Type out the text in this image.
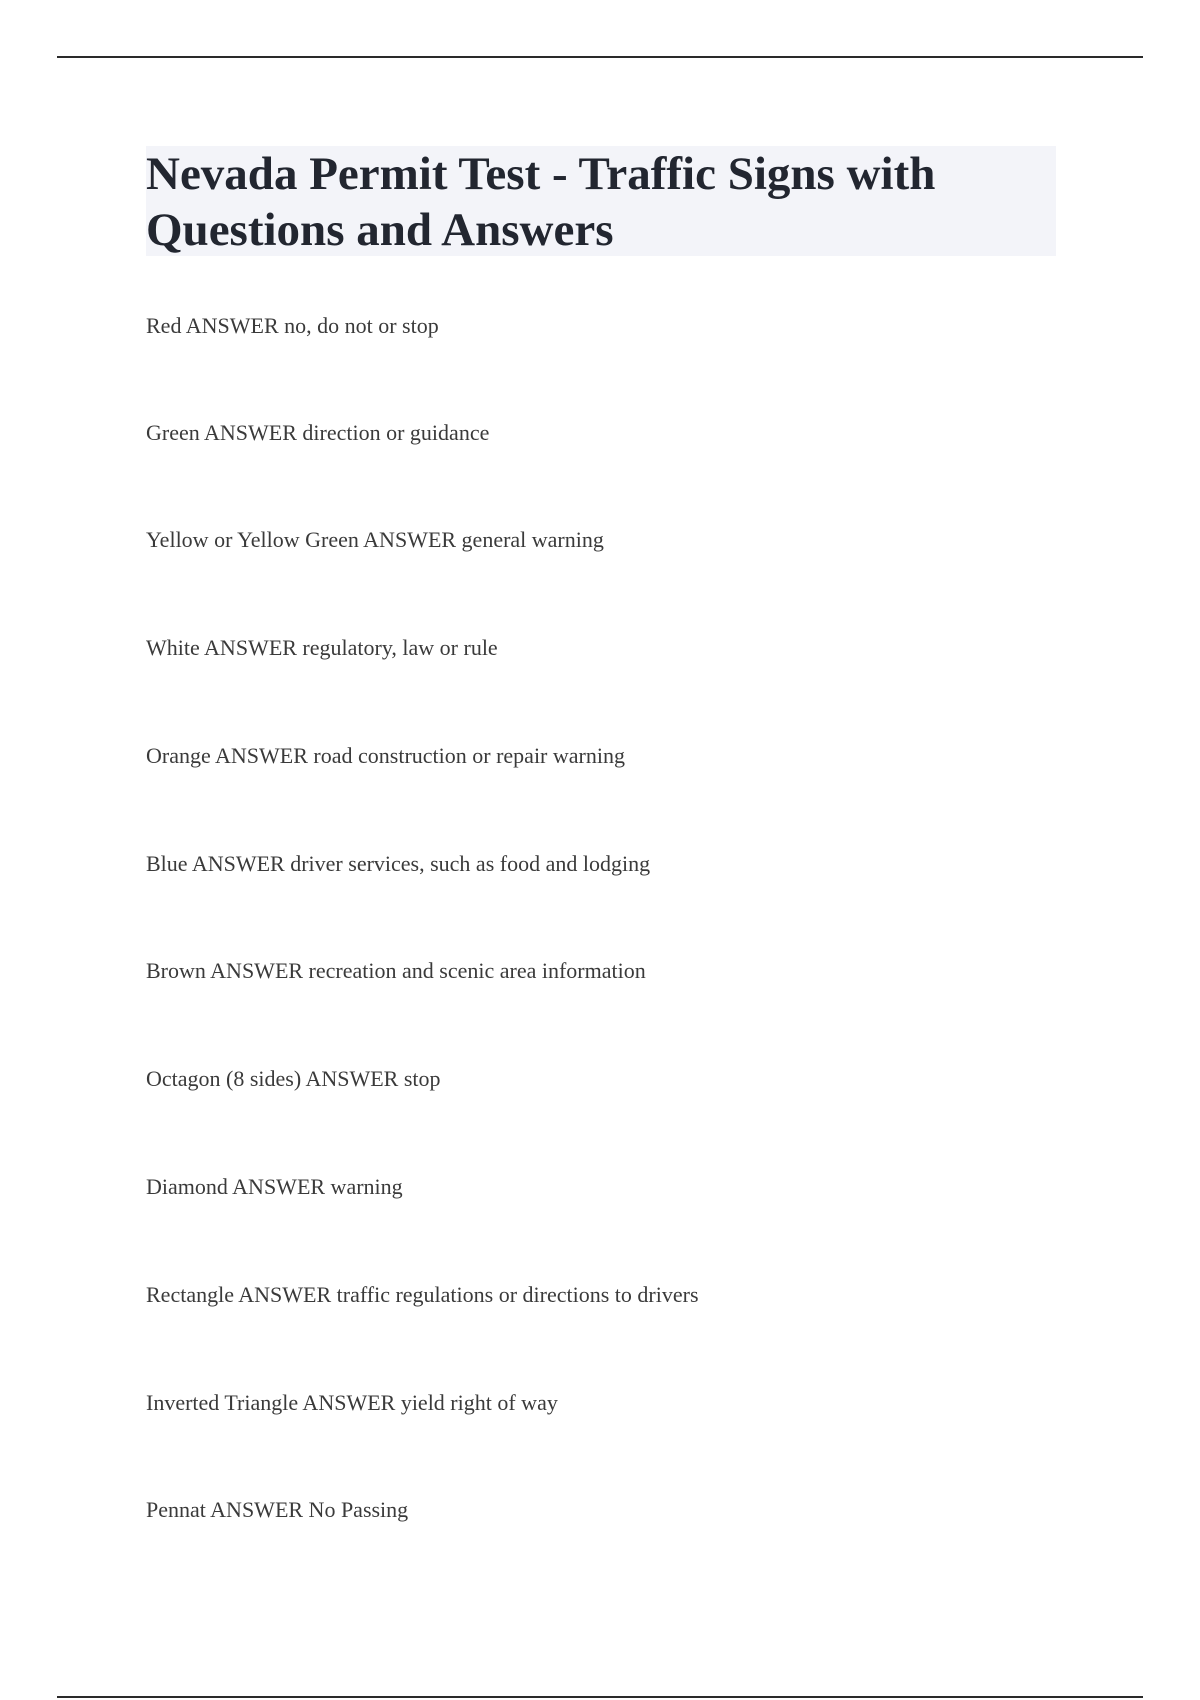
Nevada Permit Test - Traffic Signs with Questions and Answers
Red ANSWER no, do not or stop
Green ANSWER direction or guidance
Yellow or Yellow Green ANSWER general warning
White ANSWER regulatory, law or rule
Orange ANSWER road construction or repair warning
Blue ANSWER driver services, such as food and lodging
Brown ANSWER recreation and scenic area information
Octagon (8 sides) ANSWER stop
Diamond ANSWER warning
Rectangle ANSWER traffic regulations or directions to drivers
Inverted Triangle ANSWER yield right of way
Pennat ANSWER No Passing
